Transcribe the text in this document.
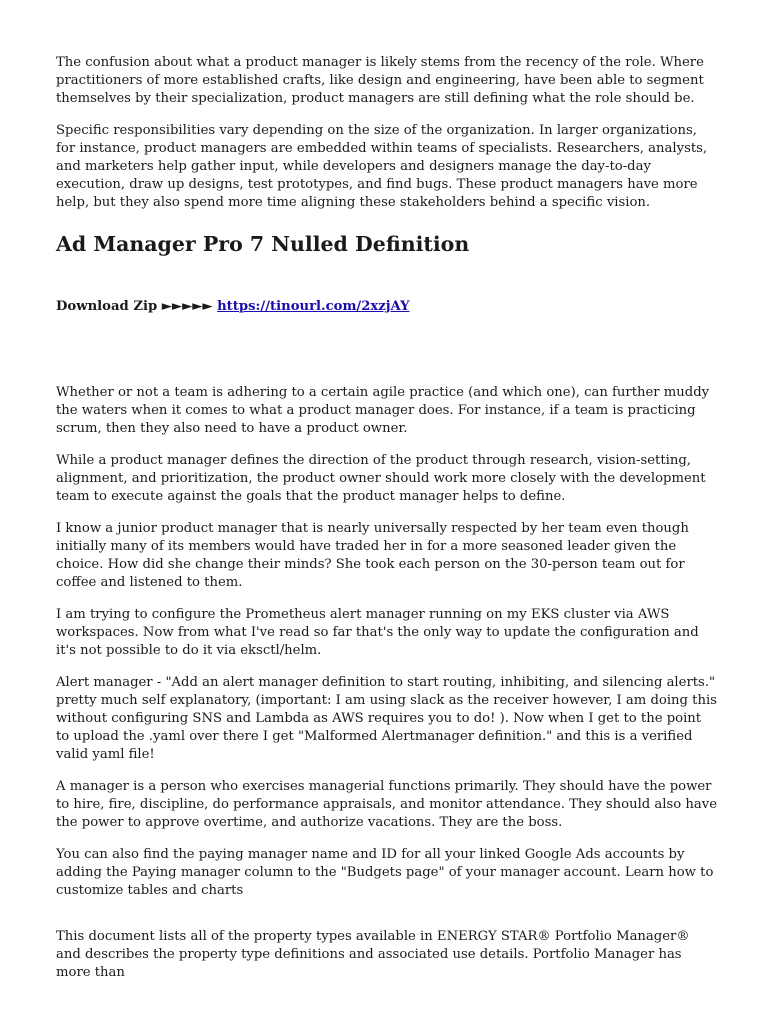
The confusion about what a product manager is likely stems from the recency of the role. Where practitioners of more established crafts, like design and engineering, have been able to segment themselves by their specialization, product managers are still defining what the role should be.

Specific responsibilities vary depending on the size of the organization. In larger organizations, for instance, product managers are embedded within teams of specialists. Researchers, analysts, and marketers help gather input, while developers and designers manage the day-to-day execution, draw up designs, test prototypes, and find bugs. These product managers have more help, but they also spend more time aligning these stakeholders behind a specific vision.

Ad Manager Pro 7 Nulled Definition
Download Zip ►►►►► https://tinourl.com/2xzjAY

Whether or not a team is adhering to a certain agile practice (and which one), can further muddy the waters when it comes to what a product manager does. For instance, if a team is practicing scrum, then they also need to have a product owner.

While a product manager defines the direction of the product through research, vision-setting, alignment, and prioritization, the product owner should work more closely with the development team to execute against the goals that the product manager helps to define.

I know a junior product manager that is nearly universally respected by her team even though initially many of its members would have traded her in for a more seasoned leader given the choice. How did she change their minds? She took each person on the 30-person team out for coffee and listened to them.

I am trying to configure the Prometheus alert manager running on my EKS cluster via AWS workspaces. Now from what I've read so far that's the only way to update the configuration and it's not possible to do it via eksctl/helm.

Alert manager - "Add an alert manager definition to start routing, inhibiting, and silencing alerts." pretty much self explanatory, (important: I am using slack as the receiver however, I am doing this without configuring SNS and Lambda as AWS requires you to do! ). Now when I get to the point to upload the .yaml over there I get "Malformed Alertmanager definition." and this is a verified valid yaml file!

A manager is a person who exercises managerial functions primarily. They should have the power to hire, fire, discipline, do performance appraisals, and monitor attendance. They should also have the power to approve overtime, and authorize vacations. They are the boss.

You can also find the paying manager name and ID for all your linked Google Ads accounts by adding the Paying manager column to the "Budgets page" of your manager account. Learn how to customize tables and charts

This document lists all of the property types available in ENERGY STAR® Portfolio Manager® and describes the property type definitions and associated use details. Portfolio Manager has more than
